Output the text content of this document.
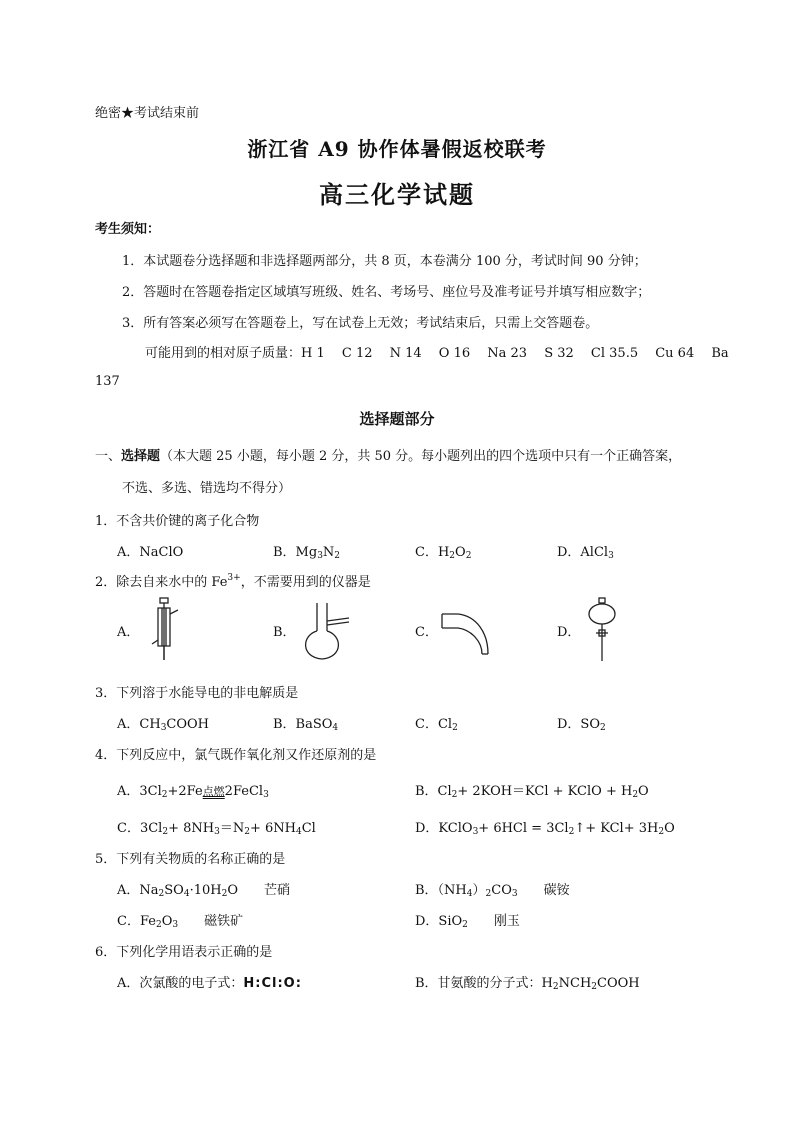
绝密★考试结束前
浙江省 A9 协作体暑假返校联考
高三化学试题
考生须知：
1．本试题卷分选择题和非选择题两部分，共 8 页，本卷满分 100 分，考试时间 90 分钟；
2．答题时在答题卷指定区域填写班级、姓名、考场号、座位号及准考证号并填写相应数字；
3．所有答案必须写在答题卷上，写在试卷上无效；考试结束后，只需上交答题卷。
可能用到的相对原子质量：H 1　 C 12　 N 14　 O 16　 Na 23　 S 32　 Cl 35.5　 Cu 64　 Ba
137
选择题部分
一、选择题（本大题 25 小题，每小题 2 分，共 50 分。每小题列出的四个选项中只有一个正确答案，
不选、多选、错选均不得分）
1．不含共价键的离子化合物
A．NaClO	B．$Mg_3N_2$	C．$H_2O_2$	D．AlCl$_3$
2．除去自来水中的 $Fe^{3+}$，不需要用到的仪器是
A．	B．	C．	D．
3．下列溶于水能导电的非电解质是
A．$CH_3COOH$	B．BaSO$_4$	C．$Cl_2$	D．$SO_2$
4．下列反应中，氯气既作氧化剂又作还原剂的是
A．$3Cl_2+2Fe$点燃2FeCl$_3$	B．$Cl_2+ 2KOH=KCl$ + KClO + $H_2O$
C．$3Cl_2+ 8NH_3=N_2+ 6NH_4Cl$	D．KClO$_3$+ $6HCl = 3Cl_2↑+ KCl+ 3H_2O$
5．下列有关物质的名称正确的是
A．$Na_2SO_4\cdot 10H_2O$　　 芒硝	B．$(NH_4)_2CO_3$　　 碳铵
C．$Fe_2O_3$　　 磁铁矿	D．SiO$_2$　　 刚玉
6．下列化学用语表示正确的是
A．次氯酸的电子式：H:Cl:O:	B．甘氨酸的分子式：$H_2NCH_2COOH$
